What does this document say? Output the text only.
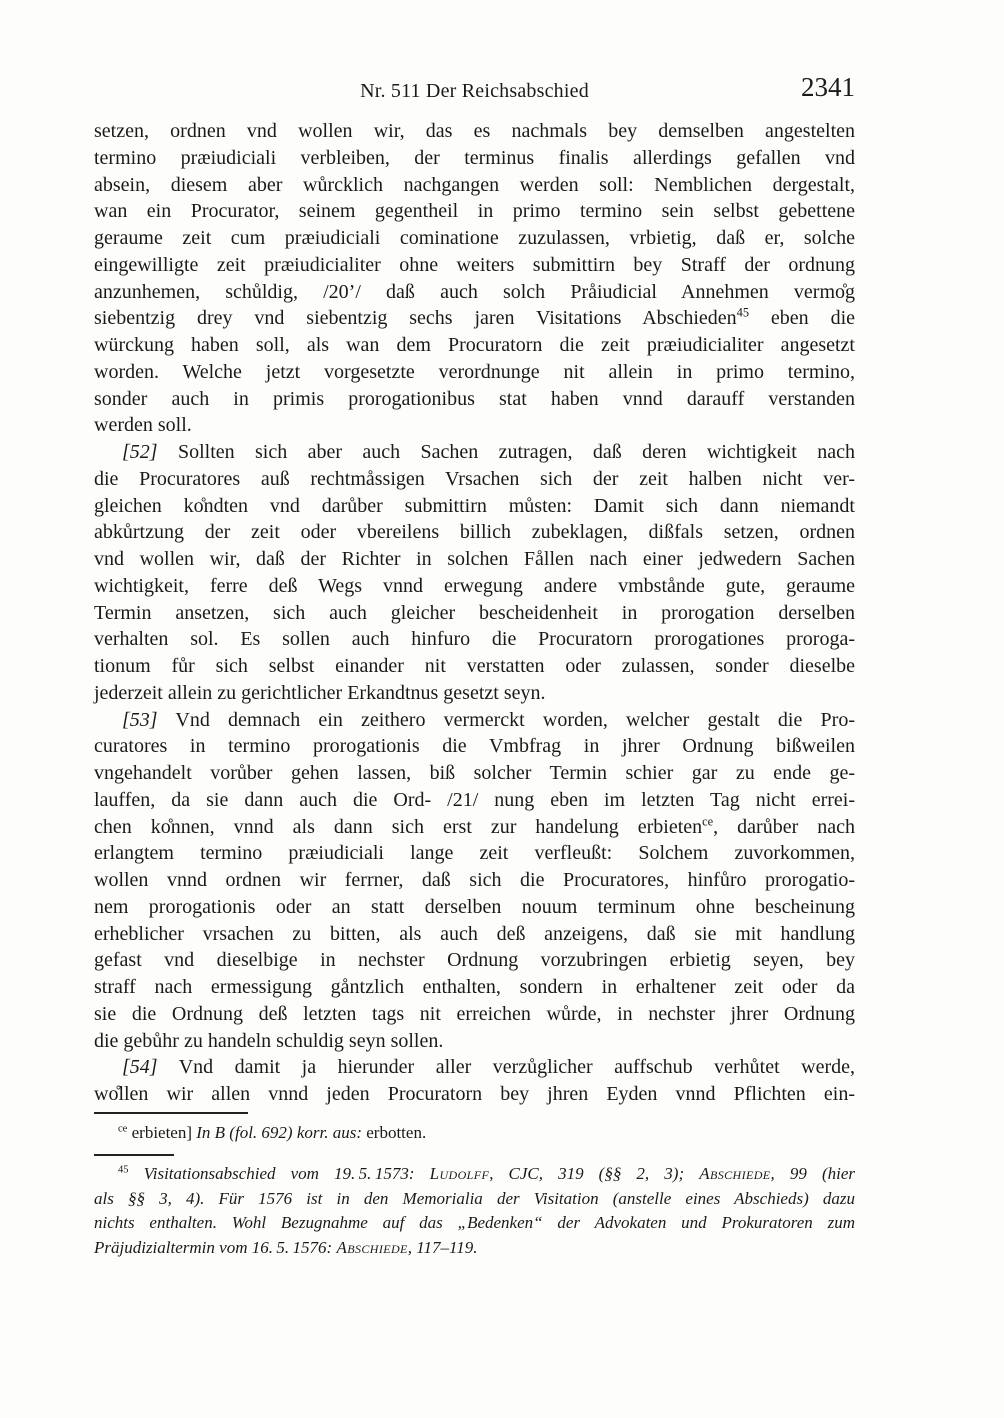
Nr. 511 Der Reichsabschied	2341
setzen, ordnen vnd wollen wir, das es nachmals bey demselben angestelten
termino præiudiciali verbleiben, der terminus finalis allerdings gefallen vnd
absein, diesem aber wůrcklich nachgangen werden soll: Nemblichen dergestalt,
wan ein Procurator, seinem gegentheil in primo termino sein selbst gebettene
geraume zeit cum præiudiciali cominatione zuzulassen, vrbietig, daß er, solche
eingewilligte zeit præiudicialiter ohne weiters submittirn bey Straff der ordnung
anzunhemen, schůldig, /20’/ daß auch solch Pråiudicial Annehmen vermo̊g
siebentzig drey vnd siebentzig sechs jaren Visitations Abschieden$^{45}$ eben die
würckung haben soll, als wan dem Procuratorn die zeit præiudicialiter angesetzt
worden. Welche jetzt vorgesetzte verordnunge nit allein in primo termino,
sonder auch in primis prorogationibus stat haben vnnd darauff verstanden
werden soll.
[52] Sollten sich aber auch Sachen zutragen, daß deren wichtigkeit nach
die Procuratores auß rechtmåssigen Vrsachen sich der zeit halben nicht ver-
gleichen ko̊ndten vnd darůber submittirn můsten: Damit sich dann niemandt
abkůrtzung der zeit oder vbereilens billich zubeklagen, dißfals setzen, ordnen
vnd wollen wir, daß der Richter in solchen Fållen nach einer jedwedern Sachen
wichtigkeit, ferre deß Wegs vnnd erwegung andere vmbstånde gute, geraume
Termin ansetzen, sich auch gleicher bescheidenheit in prorogation derselben
verhalten sol. Es sollen auch hinfuro die Procuratorn prorogationes proroga-
tionum fůr sich selbst einander nit verstatten oder zulassen, sonder dieselbe
jederzeit allein zu gerichtlicher Erkandtnus gesetzt seyn.
[53] Vnd demnach ein zeithero vermerckt worden, welcher gestalt die Pro-
curatores in termino prorogationis die Vmbfrag in jhrer Ordnung bißweilen
vngehandelt vorůber gehen lassen, biß solcher Termin schier gar zu ende ge-
lauffen, da sie dann auch die Ord- /21/ nung eben im letzten Tag nicht errei-
chen ko̊nnen, vnnd als dann sich erst zur handelung erbieten$^{ce}$, darůber nach
erlangtem termino præiudiciali lange zeit verfleußt: Solchem zuvorkommen,
wollen vnnd ordnen wir ferrner, daß sich die Procuratores, hinfůro prorogatio-
nem prorogationis oder an statt derselben nouum terminum ohne bescheinung
erheblicher vrsachen zu bitten, als auch deß anzeigens, daß sie mit handlung
gefast vnd dieselbige in nechster Ordnung vorzubringen erbietig seyen, bey
straff nach ermessigung gåntzlich enthalten, sondern in erhaltener zeit oder da
sie die Ordnung deß letzten tags nit erreichen wůrde, in nechster jhrer Ordnung
die gebůhr zu handeln schuldig seyn sollen.
[54] Vnd damit ja hierunder aller verzůglicher auffschub verhůtet werde,
wo̊llen wir allen vnnd jeden Procuratorn bey jhren Eyden vnnd Pflichten ein-
$^{ce}$ erbieten] In B (fol. 692) korr. aus: erbotten.
$^{45}$ Visitationsabschied vom 19. 5. 1573: Ludolff, CJC, 319 (§§ 2, 3); Abschiede, 99 (hier
als §§ 3, 4). Für 1576 ist in den Memorialia der Visitation (anstelle eines Abschieds) dazu
nichts enthalten. Wohl Bezugnahme auf das „Bedenken“ der Advokaten und Prokuratoren zum
Präjudizialtermin vom 16. 5. 1576: Abschiede, 117–119.
